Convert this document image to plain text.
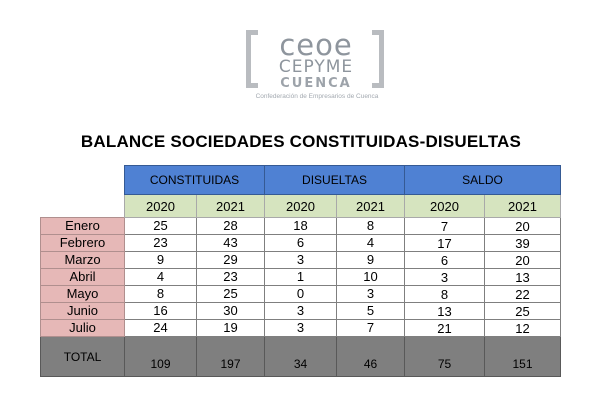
ceoe
CEPYME
CUENCA
Confederación de Empresarios de Cuenca
BALANCE SOCIEDADES CONSTITUIDAS-DISUELTAS
	CONSTITUIDAS		DISUELTAS		SALDO	
	2020	2021	2020	2021	2020	2021
Enero	25	28	18	8	7	20
Febrero	23	43	6	4	17	39
Marzo	9	29	3	9	6	20
Abril	4	23	1	10	3	13
Mayo	8	25	0	3	8	22
Junio	16	30	3	5	13	25
Julio	24	19	3	7	21	12
TOTAL	109	197	34	46	75	151
